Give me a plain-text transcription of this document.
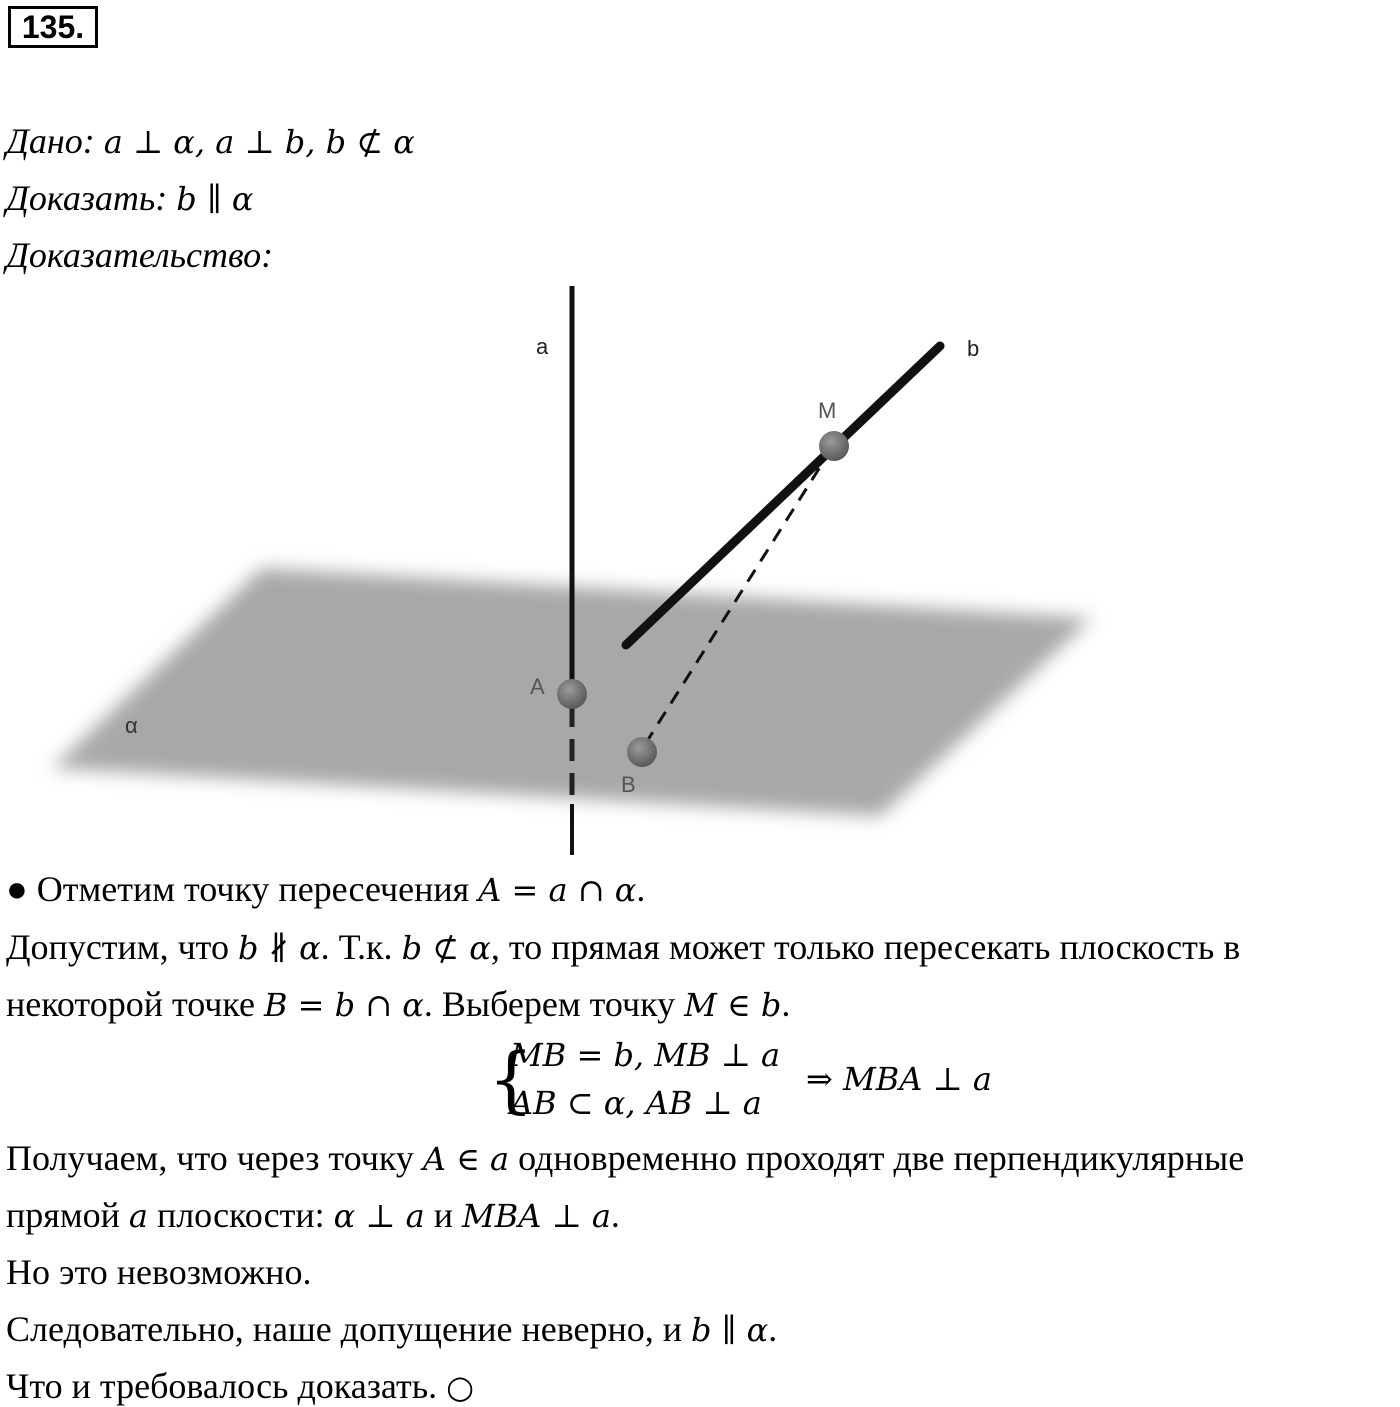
135.
Дано: a ⊥ α, a ⊥ b, b ⊄ α
Доказать: b ∥ α
Доказательство:
a	b
M
A
B
α
● Отметим точку пересечения A = a ∩ α.
Допустим, что b ∦ α. Т.к. b ⊄ α, то прямая может только пересекать плоскость в
некоторой точке B = b ∩ α. Выберем точку M ∈ b.
{
MB = b, MB ⊥ a
AB ⊂ α, AB ⊥ a
⇒ MBA ⊥ a
Получаем, что через точку A ∈ a одновременно проходят две перпендикулярные
прямой a плоскости: α ⊥ a и MBA ⊥ a.
Но это невозможно.
Следовательно, наше допущение неверно, и b ∥ α.
Что и требовалось доказать. ○
